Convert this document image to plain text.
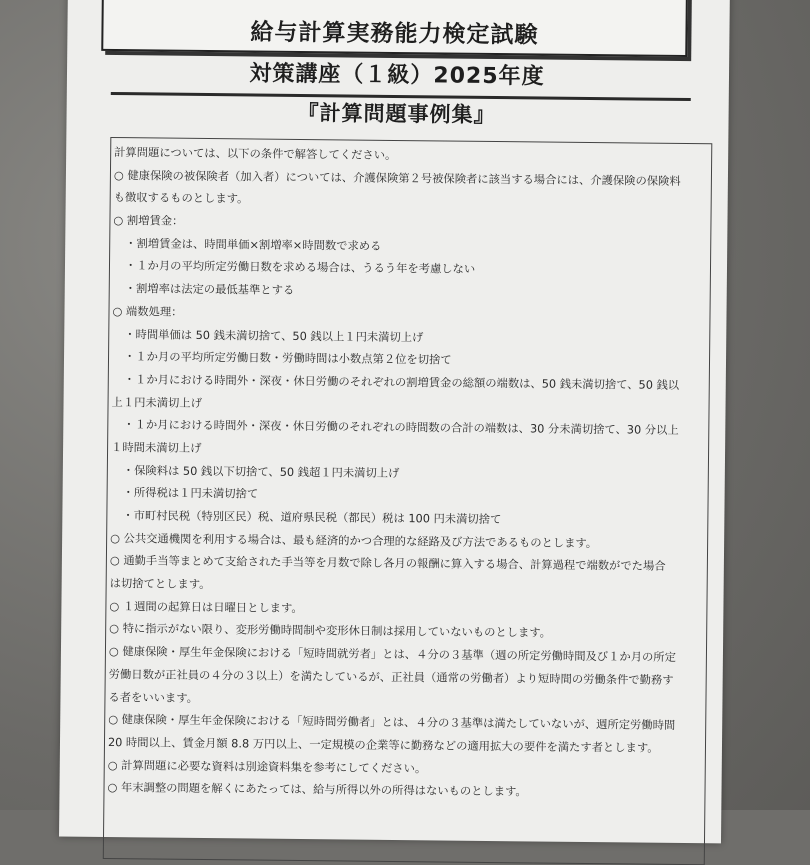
給与計算実務能力検定試験
対策講座（１級）2025年度
『計算問題事例集』
計算問題については、以下の条件で解答してください。
○ 健康保険の被保険者（加入者）については、介護保険第２号被保険者に該当する場合には、介護保険の保険料
も徴収するものとします。
○ 割増賃金：
・割増賃金は、時間単価×割増率×時間数で求める
・１か月の平均所定労働日数を求める場合は、うるう年を考慮しない
・割増率は法定の最低基準とする
○ 端数処理：
・時間単価は 50 銭未満切捨て、50 銭以上１円未満切上げ
・１か月の平均所定労働日数・労働時間は小数点第２位を切捨て
・１か月における時間外・深夜・休日労働のそれぞれの割増賃金の総額の端数は、50 銭未満切捨て、50 銭以
上１円未満切上げ
・１か月における時間外・深夜・休日労働のそれぞれの時間数の合計の端数は、30 分未満切捨て、30 分以上
１時間未満切上げ
・保険料は 50 銭以下切捨て、50 銭超１円未満切上げ
・所得税は１円未満切捨て
・市町村民税（特別区民）税、道府県民税（都民）税は 100 円未満切捨て
○ 公共交通機関を利用する場合は、最も経済的かつ合理的な経路及び方法であるものとします。
○ 通勤手当等まとめて支給された手当等を月数で除し各月の報酬に算入する場合、計算過程で端数がでた場合
は切捨てとします。
○ １週間の起算日は日曜日とします。
○ 特に指示がない限り、変形労働時間制や変形休日制は採用していないものとします。
○ 健康保険・厚生年金保険における「短時間就労者」とは、４分の３基準（週の所定労働時間及び１か月の所定
労働日数が正社員の４分の３以上）を満たしているが、正社員（通常の労働者）より短時間の労働条件で勤務す
る者をいいます。
○ 健康保険・厚生年金保険における「短時間労働者」とは、４分の３基準は満たしていないが、週所定労働時間
20 時間以上、賃金月額 8.8 万円以上、一定規模の企業等に勤務などの適用拡大の要件を満たす者とします。
○ 計算問題に必要な資料は別途資料集を参考にしてください。
○ 年末調整の問題を解くにあたっては、給与所得以外の所得はないものとします。
